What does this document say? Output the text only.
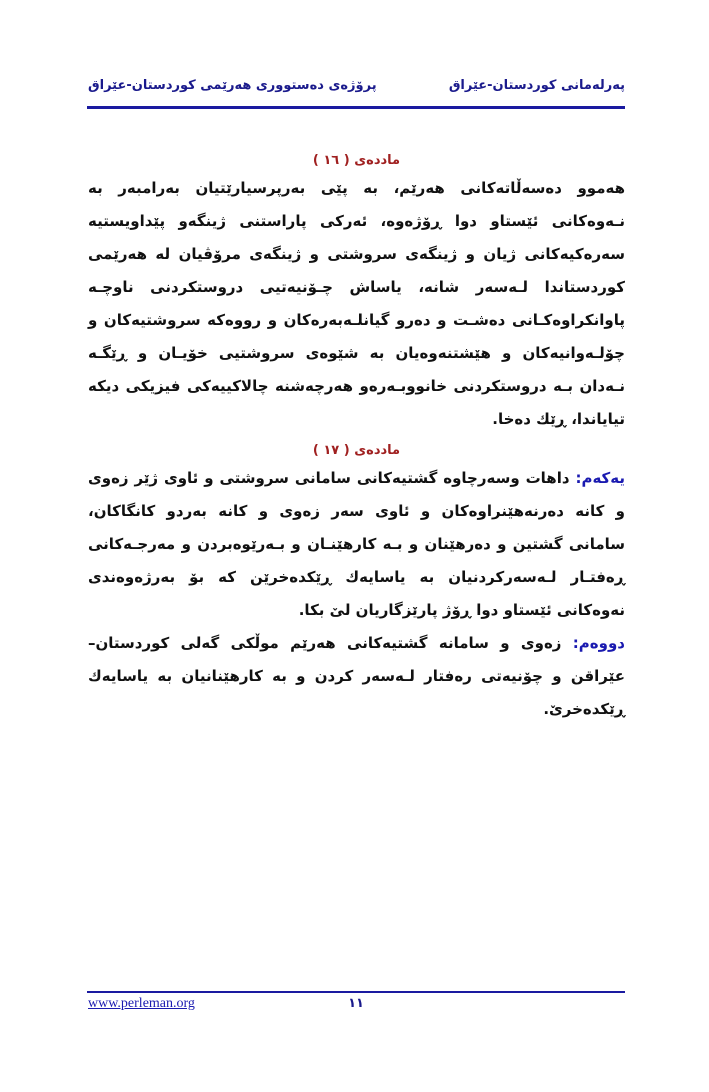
پەرلەمانی كوردستان-عێراق
پرۆژەی دەستووری هەرێمی كوردستان-عێراق
ماددەی ( ١٦ )

هەموو دەسەڵاتەكانی هەرێم، بە پێی بەرپرسیارێتیان بەرامبەر بە نـەوەكانی ئێستاو دوا ڕۆژەوە، ئەركی پاراستنی ژینگەو پێداویستیە سەرەكیەكانی ژیان و ژینگەی سروشتی و ژینگەی مرۆڤیان لە هەرێمی كوردستاندا لـەسەر شانە، یاساش چـۆنیەتیی دروستكردنی ناوچـە پاوانكراوەكـانی دەشـت و دەرو گیانلـەبەرەكان و رووەكە سروشتیەكان و چۆلـەوانیەكان و هێشتنەوەیان بە شێوەی سروشتیی خۆیـان و ڕێگـە نـەدان بـە دروستكردنی خانووبـەرەو هەرچەشنە چالاكییەكی فیزیكی دیكە تیایاندا، ڕێك دەخا.

ماددەی ( ١٧ )

یەكەم: داهات وسەرچاوە گشتیەكانی سامانی سروشتی و ئاوی ژێر زەوی و كانە دەرنەهێنراوەكان و ئاوی سەر زەوی و كانە بەردو كانگاكان، سامانی گشتین و دەرهێنان و بـە كارهێنـان و بـەرێوەبردن و مەرجـەكانی ڕەفتـار لـەسەركردنیان بە یاسایەك ڕێكدەخرێن كە بۆ بەرژەوەندی نەوەكانی ئێستاو دوا ڕۆژ پارێزگاریان لێ بكا.

دووەم: زەوی و سامانە گشتیەكانی هەرێم موڵكی گەلی كوردستان–عێراقن و چۆنیەتی رەفتار لـەسەر كردن و بە كارهێنانیان بە یاسایەك ڕێكدەخرێ.

www.perleman.org	١١
